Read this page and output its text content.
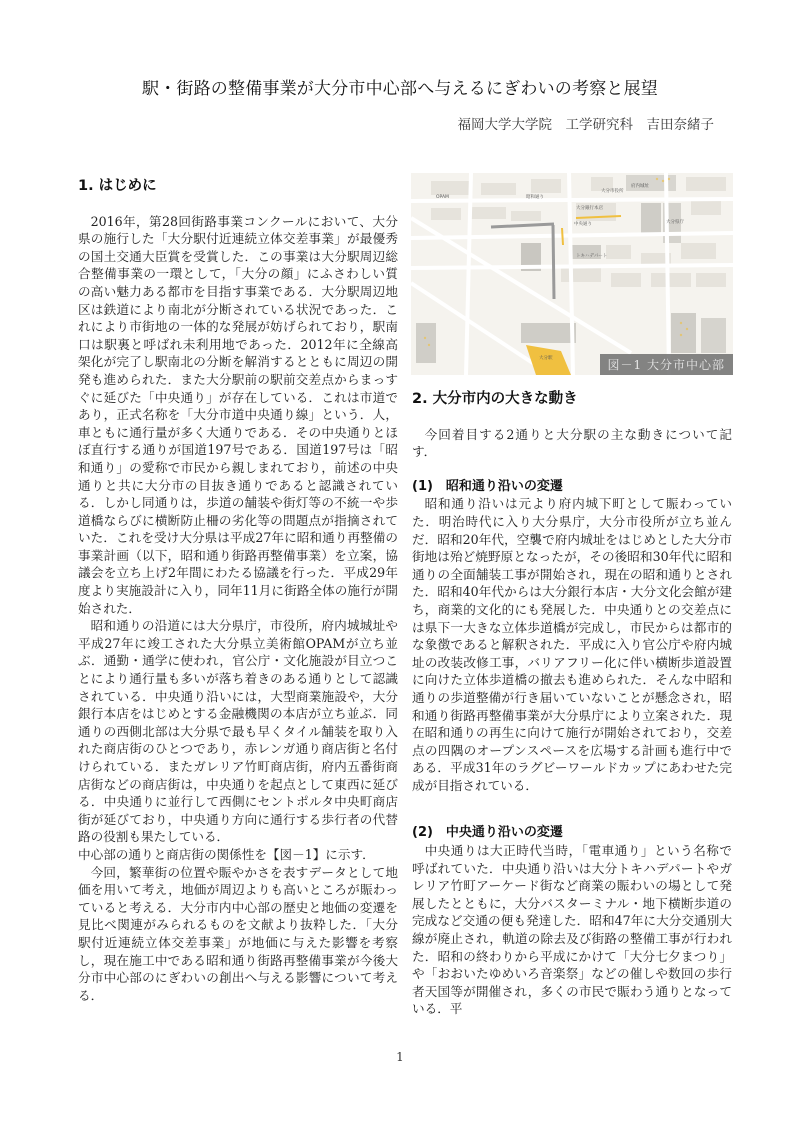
駅・街路の整備事業が大分市中心部へ与えるにぎわいの考察と展望
福岡大学大学院　工学研究科　吉田奈緒子
1. はじめに

2016年，第28回街路事業コンクールにおいて、大分県の施行した「大分駅付近連続立体交差事業」が最優秀の国土交通大臣賞を受賞した．この事業は大分駅周辺総合整備事業の一環として，「大分の顔」にふさわしい質の高い魅力ある都市を目指す事業である．大分駅周辺地区は鉄道により南北が分断されている状況であった．これにより市街地の一体的な発展が妨げられており，駅南口は駅裏と呼ばれ未利用地であった．2012年に全線高架化が完了し駅南北の分断を解消するとともに周辺の開発も進められた．また大分駅前の駅前交差点からまっすぐに延びた「中央通り」が存在している．これは市道であり，正式名称を「大分市道中央通り線」という．人，車ともに通行量が多く大通りである．その中央通りとほぼ直行する通りが国道197号である．国道197号は「昭和通り」の愛称で市民から親しまれており，前述の中央通りと共に大分市の目抜き通りであると認識されている．しかし同通りは，歩道の舗装や街灯等の不統一や歩道橋ならびに横断防止柵の劣化等の問題点が指摘されていた．これを受け大分県は平成27年に昭和通り再整備の事業計画（以下，昭和通り街路再整備事業）を立案，協議会を立ち上げ2年間にわたる協議を行った．平成29年度より実施設計に入り，同年11月に街路全体の施行が開始された．

昭和通りの沿道には大分県庁，市役所，府内城城址や平成27年に竣工された大分県立美術館OPAMが立ち並ぶ．通勤・通学に使われ，官公庁・文化施設が目立つことにより通行量も多いが落ち着きのある通りとして認識されている．中央通り沿いには，大型商業施設や，大分銀行本店をはじめとする金融機関の本店が立ち並ぶ．同通りの西側北部は大分県で最も早くタイル舗装を取り入れた商店街のひとつであり，赤レンガ通り商店街と名付けられている．またガレリア竹町商店街，府内五番街商店街などの商店街は，中央通りを起点として東西に延びる．中央通りに並行して西側にセントポルタ中央町商店街が延びており，中央通り方向に通行する歩行者の代替路の役割も果たしている．

中心部の通りと商店街の関係性を【図－1】に示す．

今回，繁華街の位置や賑やかさを表すデータとして地価を用いて考え，地価が周辺よりも高いところが賑わっていると考える．大分市内中心部の歴史と地価の変遷を見比べ関連がみられるものを文献より抜粋した．「大分駅付近連続立体交差事業」が地価に与えた影響を考察し，現在施工中である昭和通り街路再整備事業が今後大分市中心部のにぎわいの創出へ与える影響について考える．

OPAM	昭和通り
大分市役所
府内城址
大分銀行本店
中央通り
トキハデパート
大分県庁
大分駅	図－1 大分市中心部
2. 大分市内の大きな動き

今回着目する2通りと大分駅の主な動きについて記す．

(1)　昭和通り沿いの変遷

昭和通り沿いは元より府内城下町として賑わっていた．明治時代に入り大分県庁，大分市役所が立ち並んだ．昭和20年代，空襲で府内城址をはじめとした大分市街地は殆ど焼野原となったが，その後昭和30年代に昭和通りの全面舗装工事が開始され，現在の昭和通りとされた．昭和40年代からは大分銀行本店・大分文化会館が建ち，商業的文化的にも発展した．中央通りとの交差点には県下一大きな立体歩道橋が完成し，市民からは都市的な象徴であると解釈された．平成に入り官公庁や府内城址の改装改修工事，バリアフリー化に伴い横断歩道設置に向けた立体歩道橋の撤去も進められた．そんな中昭和通りの歩道整備が行き届いていないことが懸念され，昭和通り街路再整備事業が大分県庁により立案された．現在昭和通りの再生に向けて施行が開始されており，交差点の四隅のオープンスペースを広場する計画も進行中である．平成31年のラグビーワールドカップにあわせた完成が目指されている．

(2)　中央通り沿いの変遷

中央通りは大正時代当時，「電車通り」という名称で呼ばれていた．中央通り沿いは大分トキハデパートやガレリア竹町アーケード街など商業の賑わいの場として発展したとともに，大分バスターミナル・地下横断歩道の完成など交通の便も発達した．昭和47年に大分交通別大線が廃止され，軌道の除去及び街路の整備工事が行われた．昭和の終わりから平成にかけて「大分七夕まつり」や「おおいたゆめいろ音楽祭」などの催しや数回の歩行者天国等が開催され，多くの市民で賑わう通りとなっている．平

1
